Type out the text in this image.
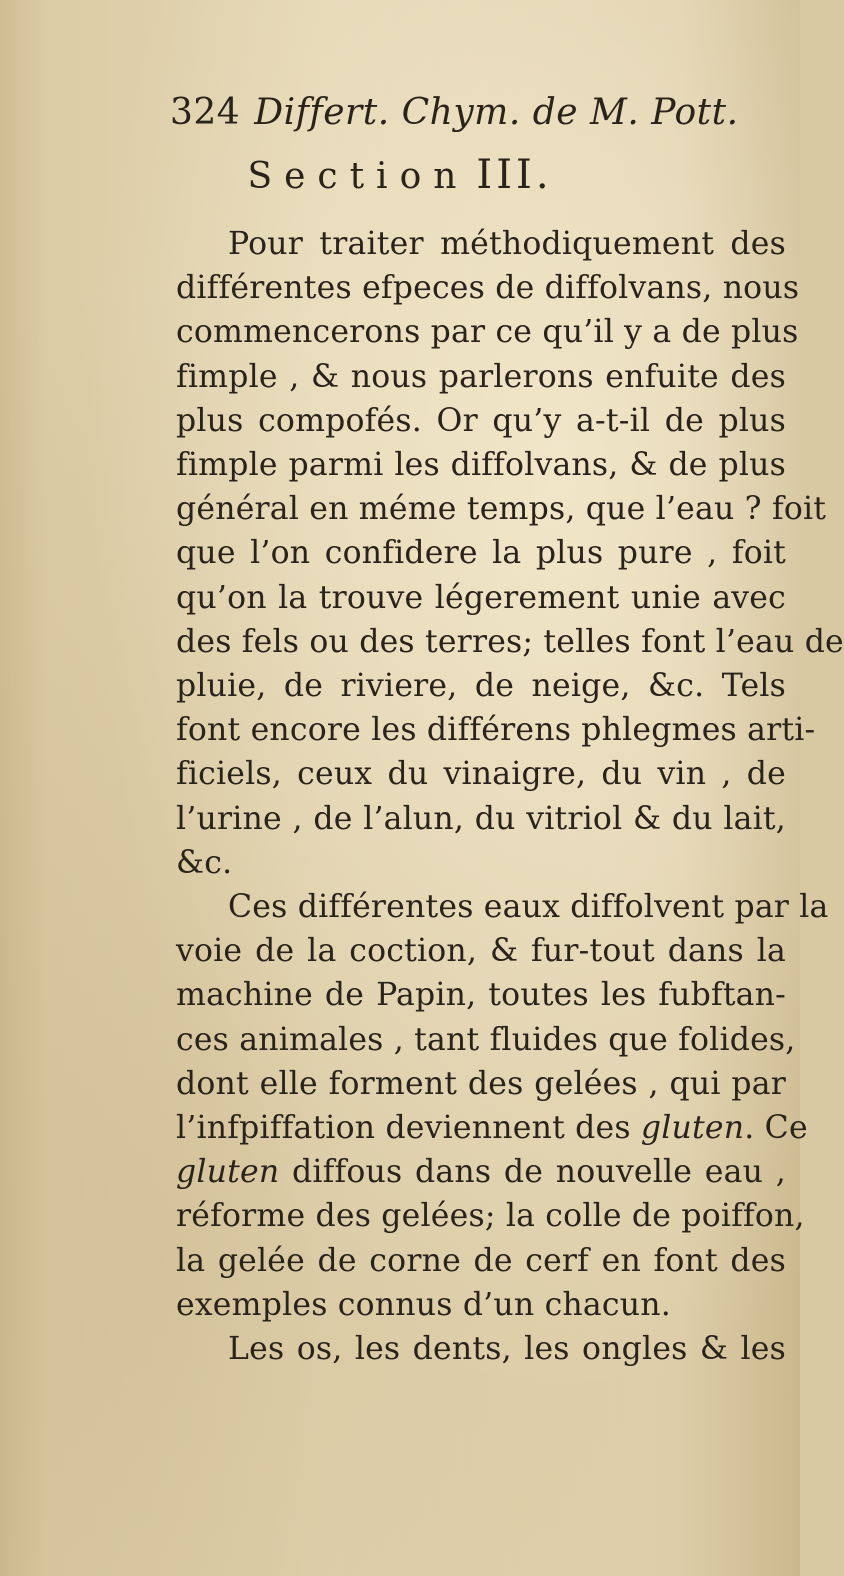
324 Differt. Chym. de M. Pott.
Section III.
Pour traiter méthodiquement des
différentes efpeces de diffolvans, nous
commencerons par ce qu’il y a de plus
fimple , & nous parlerons enfuite des
plus compofés. Or qu’y a-t-il de plus
fimple parmi les diffolvans, & de plus
général en méme temps, que l’eau ? foit
que l’on confidere la plus pure , foit
qu’on la trouve légerement unie avec
des fels ou des terres; telles font l’eau de
pluie, de riviere, de neige, &c. Tels
font encore les différens phlegmes arti-
ficiels, ceux du vinaigre, du vin , de
l’urine , de l’alun, du vitriol & du lait,
&c.
Ces différentes eaux diffolvent par la
voie de la coction, & fur-tout dans la
machine de Papin, toutes les fubftan-
ces animales , tant fluides que folides,
dont elle forment des gelées , qui par
l’infpiffation deviennent des gluten. Ce
gluten diffous dans de nouvelle eau ,
réforme des gelées; la colle de poiffon,
la gelée de corne de cerf en font des
exemples connus d’un chacun.
Les os, les dents, les ongles & les
